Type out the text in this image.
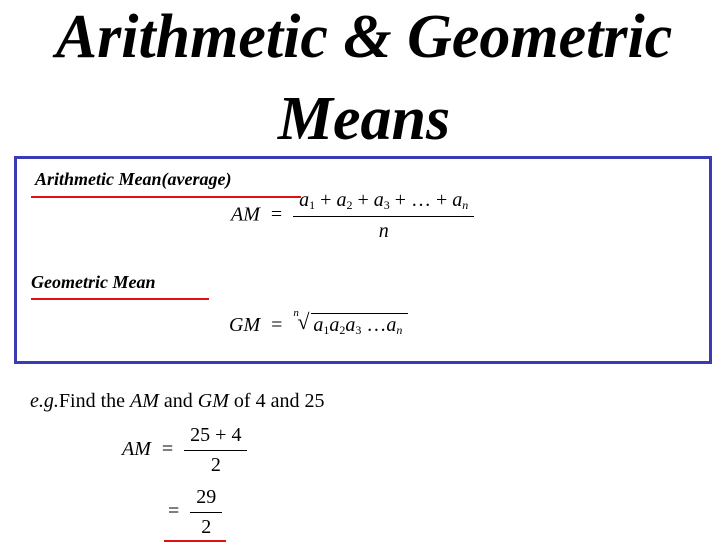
Arithmetic & Geometric
Means
Arithmetic Mean(average)
AM =
$a_1 + a_2 + a_3$ + … + $a_n$
n
Geometric Mean
GM =
n
√ $a_1a_2a_3$ $\dots a_n$
e.g.Find the AM and GM of 4 and 25
AM = $\frac{25 + 4}{2}$
= $\frac{29}{2}$
